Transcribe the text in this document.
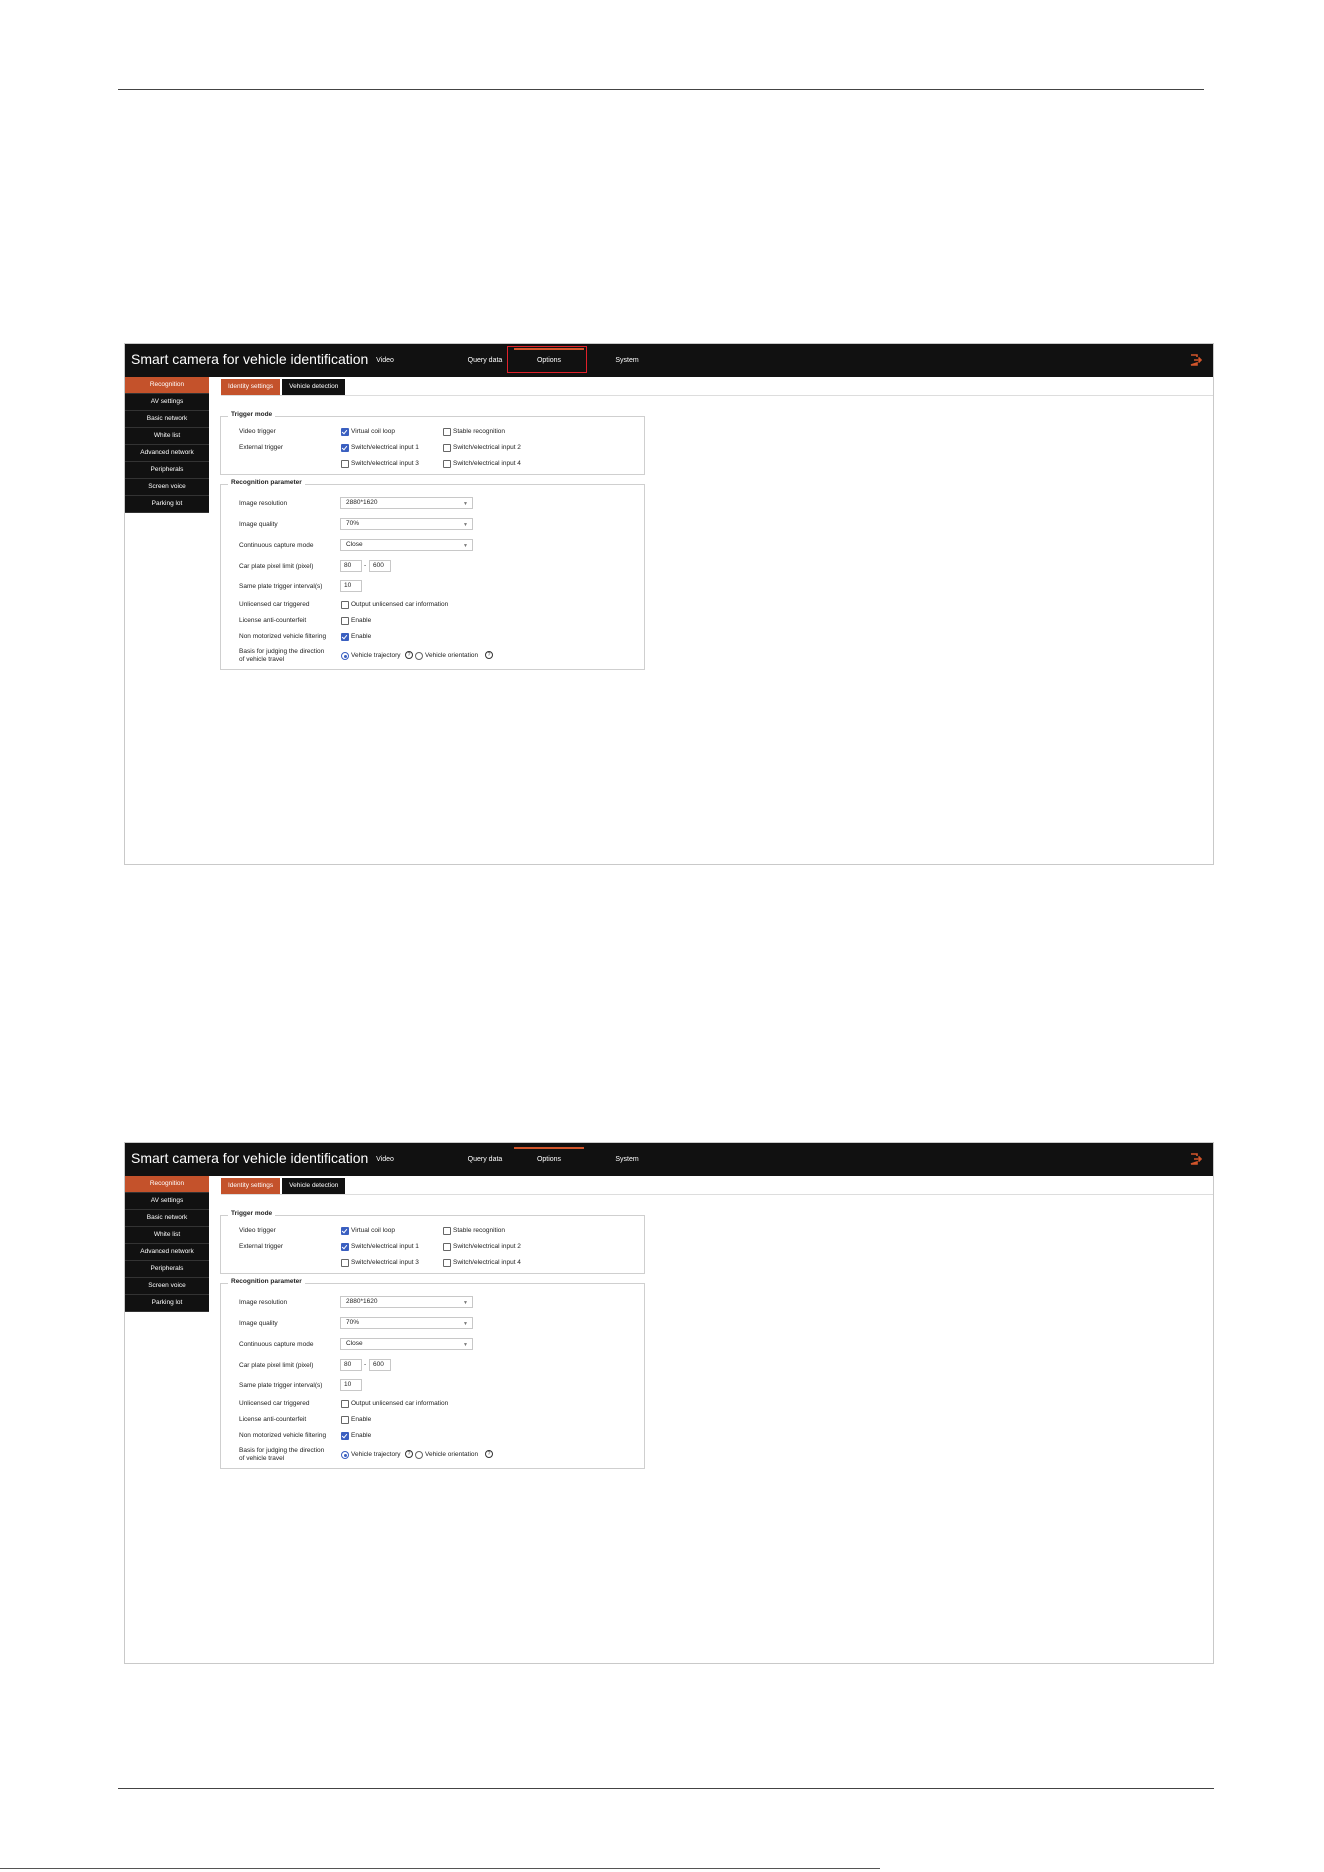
Smart camera for vehicle identification	Video	Query data	Options	System
Recognition
AV settings
Basic network
White list
Advanced network
Peripherals
Screen voice
Parking lot
Identity settings Vehicle detection
Trigger mode
Video trigger	Virtual coil loop	Stable recognition
External trigger	Switch/electrical input 1	Switch/electrical input 2
Switch/electrical input 3	Switch/electrical input 4
Recognition parameter
Image resolution	2880*1620	▼
Image quality	70%	▼
Continuous capture mode	Close	▼
Car plate pixel limit (pixel)	80	-	600
Same plate trigger interval(s)	10
Unlicensed car triggered	Output unlicensed car information
License anti-counterfeit	Enable
Non motorized vehicle filtering	Enable
Basis for judging the direction
of vehicle travel
Vehicle trajectory	?	Vehicle orientation	?
Smart camera for vehicle identification	Video	Query data	Options	System
Recognition
AV settings
Basic network
White list
Advanced network
Peripherals
Screen voice
Parking lot
Identity settings Vehicle detection
Trigger mode
Video trigger	Virtual coil loop	Stable recognition
External trigger	Switch/electrical input 1	Switch/electrical input 2
Switch/electrical input 3	Switch/electrical input 4
Recognition parameter
Image resolution	2880*1620	▼
Image quality	70%	▼
Continuous capture mode	Close	▼
Car plate pixel limit (pixel)	80	-	600
Same plate trigger interval(s)	10
Unlicensed car triggered	Output unlicensed car information
License anti-counterfeit	Enable
Non motorized vehicle filtering	Enable
Basis for judging the direction
of vehicle travel
Vehicle trajectory	?	Vehicle orientation	?
